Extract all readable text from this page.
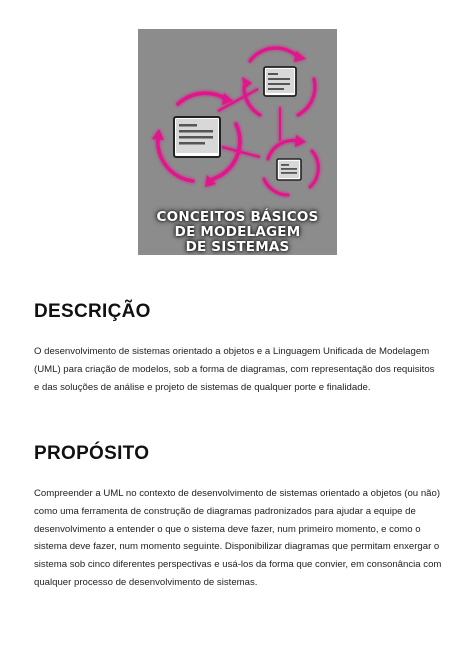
CONCEITOS BÁSICOS
DE MODELAGEM
DE SISTEMAS
DESCRIÇÃO
O desenvolvimento de sistemas orientado a objetos e a Linguagem Unificada de Modelagem
(UML) para criação de modelos, sob a forma de diagramas, com representação dos requisitos
e das soluções de análise e projeto de sistemas de qualquer porte e finalidade.
PROPÓSITO
Compreender a UML no contexto de desenvolvimento de sistemas orientado a objetos (ou não)
como uma ferramenta de construção de diagramas padronizados para ajudar a equipe de
desenvolvimento a entender o que o sistema deve fazer, num primeiro momento, e como o
sistema deve fazer, num momento seguinte. Disponibilizar diagramas que permitam enxergar o
sistema sob cinco diferentes perspectivas e usá-los da forma que convier, em consonância com
qualquer processo de desenvolvimento de sistemas.
